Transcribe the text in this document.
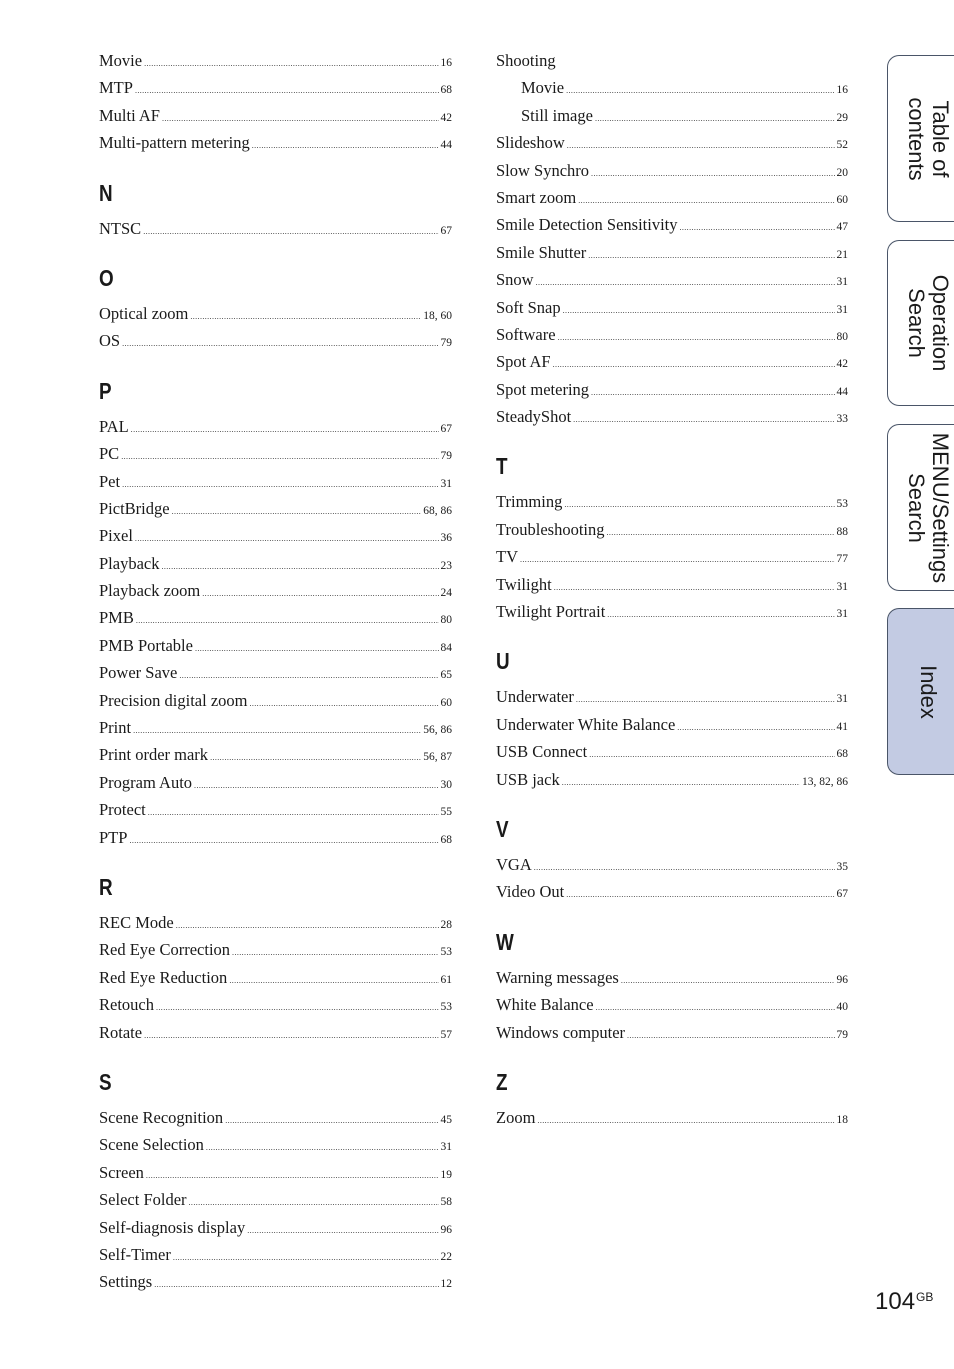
Movie .....	16
MTP .....	68
Multi AF .....	42
Multi-pattern metering .....	44
N
NTSC .....	67
O
Optical zoom .....	18, 60
OS .....	79
P
PAL .....	67
PC .....	79
Pet .....	31
PictBridge .....	68, 86
Pixel .....	36
Playback .....	23
Playback zoom .....	24
PMB .....	80
PMB Portable .....	84
Power Save .....	65
Precision digital zoom .....	60
Print .....	56, 86
Print order mark .....	56, 87
Program Auto .....	30
Protect .....	55
PTP .....	68
R
REC Mode .....	28
Red Eye Correction .....	53
Red Eye Reduction .....	61
Retouch .....	53
Rotate .....	57
S
Scene Recognition .....	45
Scene Selection .....	31
Screen .....	19
Select Folder .....	58
Self-diagnosis display .....	96
Self-Timer .....	22
Settings .....	12
Shooting
Movie .....	16
Still image .....	29
Slideshow .....	52
Slow Synchro .....	20
Smart zoom .....	60
Smile Detection Sensitivity .....	47
Smile Shutter .....	21
Snow .....	31
Soft Snap .....	31
Software .....	80
Spot AF .....	42
Spot metering .....	44
SteadyShot .....	33
T
Trimming .....	53
Troubleshooting .....	88
TV .....	77
Twilight .....	31
Twilight Portrait .....	31
U
Underwater .....	31
Underwater White Balance .....	41
USB Connect .....	68
USB jack .....	13, 82, 86
V
VGA .....	35
Video Out .....	67
W
Warning messages .....	96
White Balance .....	40
Windows computer .....	79
Z
Zoom .....	18
Table of
contents
Operation
Search
MENU/Settings
Search
Index
$104^{GB}$
